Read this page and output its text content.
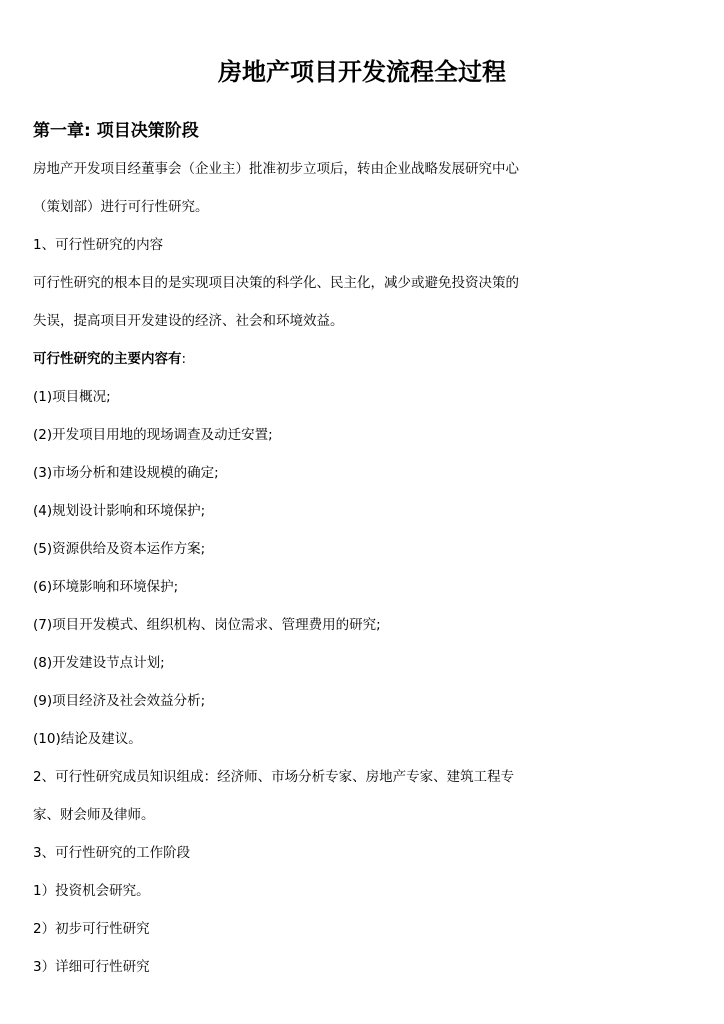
房地产项目开发流程全过程
第一章: 项目决策阶段
房地产开发项目经董事会（企业主）批准初步立项后，转由企业战略发展研究中心
（策划部）进行可行性研究。
1、可行性研究的内容
可行性研究的根本目的是实现项目决策的科学化、民主化，减少或避免投资决策的
失误，提高项目开发建设的经济、社会和环境效益。
可行性研究的主要内容有:
(1)项目概况;
(2)开发项目用地的现场调查及动迁安置;
(3)市场分析和建设规模的确定;
(4)规划设计影响和环境保护;
(5)资源供给及资本运作方案;
(6)环境影响和环境保护;
(7)项目开发模式、组织机构、岗位需求、管理费用的研究;
(8)开发建设节点计划;
(9)项目经济及社会效益分析;
(10)结论及建议。
2、可行性研究成员知识组成：经济师、市场分析专家、房地产专家、建筑工程专
家、财会师及律师。
3、可行性研究的工作阶段
1）投资机会研究。
2）初步可行性研究
3）详细可行性研究
